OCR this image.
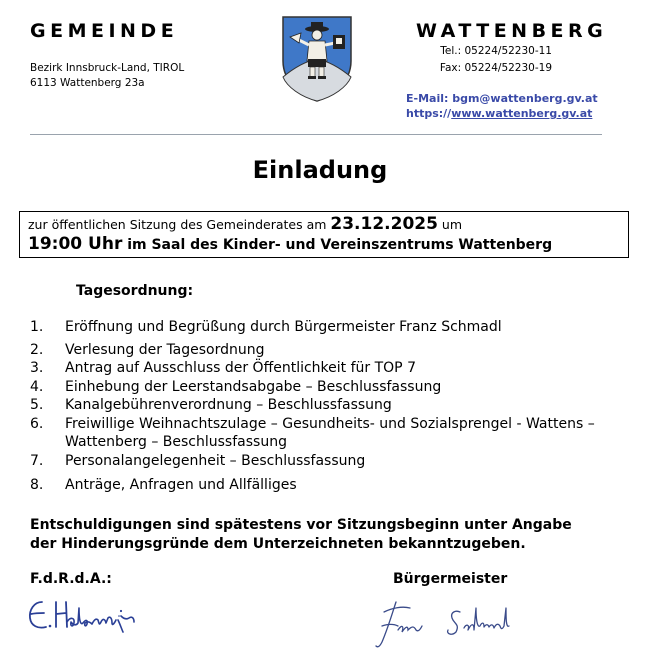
GEMEINDE	WATTENBERG
Bezirk Innsbruck-Land, TIROL
6113 Wattenberg 23a
Tel.: 05224/52230-11
Fax: 05224/52230-19
E-Mail: bgm@wattenberg.gv.at
https://www.wattenberg.gv.at
Einladung
zur öffentlichen Sitzung des Gemeinderates am 23.12.2025 um
19:00 Uhr im Saal des Kinder- und Vereinszentrums Wattenberg
Tagesordnung:
1. Eröffnung und Begrüßung durch Bürgermeister Franz Schmadl
2. Verlesung der Tagesordnung
3. Antrag auf Ausschluss der Öffentlichkeit für TOP 7
4. Einhebung der Leerstandsabgabe – Beschlussfassung
5. Kanalgebührenverordnung – Beschlussfassung
6. Freiwillige Weihnachtszulage – Gesundheits- und Sozialsprengel - Wattens – Wattenberg – Beschlussfassung
7. Personalangelegenheit – Beschlussfassung
8. Anträge, Anfragen und Allfälliges
Entschuldigungen sind spätestens vor Sitzungsbeginn unter Angabe
der Hinderungsgründe dem Unterzeichneten bekanntzugeben.
F.d.R.d.A.:	Bürgermeister
